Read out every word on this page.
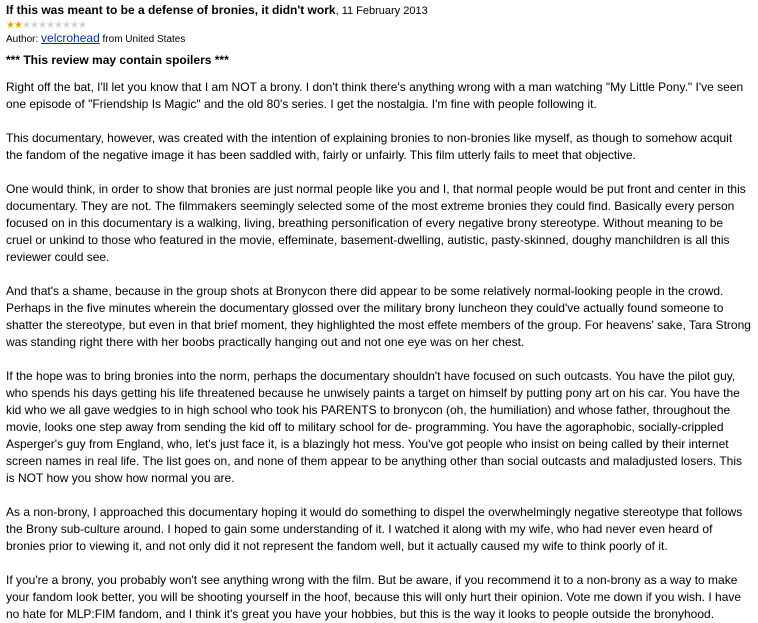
If this was meant to be a defense of bronies, it didn't work, 11 February 2013
★ ★ ★ ★ ★ ★ ★ ★ ★ ★
Author: velcrohead from United States
*** This review may contain spoilers ***

Right off the bat, I'll let you know that I am NOT a brony. I don't think there's anything wrong with a man watching "My Little Pony." I've seen one episode of "Friendship Is Magic" and the old 80's series. I get the nostalgia. I'm fine with people following it.

This documentary, however, was created with the intention of explaining bronies to non-bronies like myself, as though to somehow acquit the fandom of the negative image it has been saddled with, fairly or unfairly. This film utterly fails to meet that objective.

One would think, in order to show that bronies are just normal people like you and I, that normal people would be put front and center in this documentary. They are not. The filmmakers seemingly selected some of the most extreme bronies they could find. Basically every person focused on in this documentary is a walking, living, breathing personification of every negative brony stereotype. Without meaning to be cruel or unkind to those who featured in the movie, effeminate, basement-dwelling, autistic, pasty-skinned, doughy manchildren is all this reviewer could see.

And that's a shame, because in the group shots at Bronycon there did appear to be some relatively normal-looking people in the crowd. Perhaps in the five minutes wherein the documentary glossed over the military brony luncheon they could've actually found someone to shatter the stereotype, but even in that brief moment, they highlighted the most effete members of the group. For heavens' sake, Tara Strong was standing right there with her boobs practically hanging out and not one eye was on her chest.

If the hope was to bring bronies into the norm, perhaps the documentary shouldn't have focused on such outcasts. You have the pilot guy, who spends his days getting his life threatened because he unwisely paints a target on himself by putting pony art on his car. You have the kid who we all gave wedgies to in high school who took his PARENTS to bronycon (oh, the humiliation) and whose father, throughout the movie, looks one step away from sending the kid off to military school for de- programming. You have the agoraphobic, socially-crippled Asperger's guy from England, who, let's just face it, is a blazingly hot mess. You've got people who insist on being called by their internet screen names in real life. The list goes on, and none of them appear to be anything other than social outcasts and maladjusted losers. This is NOT how you show how normal you are.

As a non-brony, I approached this documentary hoping it would do something to dispel the overwhelmingly negative stereotype that follows the Brony sub-culture around. I hoped to gain some understanding of it. I watched it along with my wife, who had never even heard of bronies prior to viewing it, and not only did it not represent the fandom well, but it actually caused my wife to think poorly of it.

If you're a brony, you probably won't see anything wrong with the film. But be aware, if you recommend it to a non-brony as a way to make your fandom look better, you will be shooting yourself in the hoof, because this will only hurt their opinion. Vote me down if you wish. I have no hate for MLP:FIM fandom, and I think it's great you have your hobbies, but this is the way it looks to people outside the bronyhood.
